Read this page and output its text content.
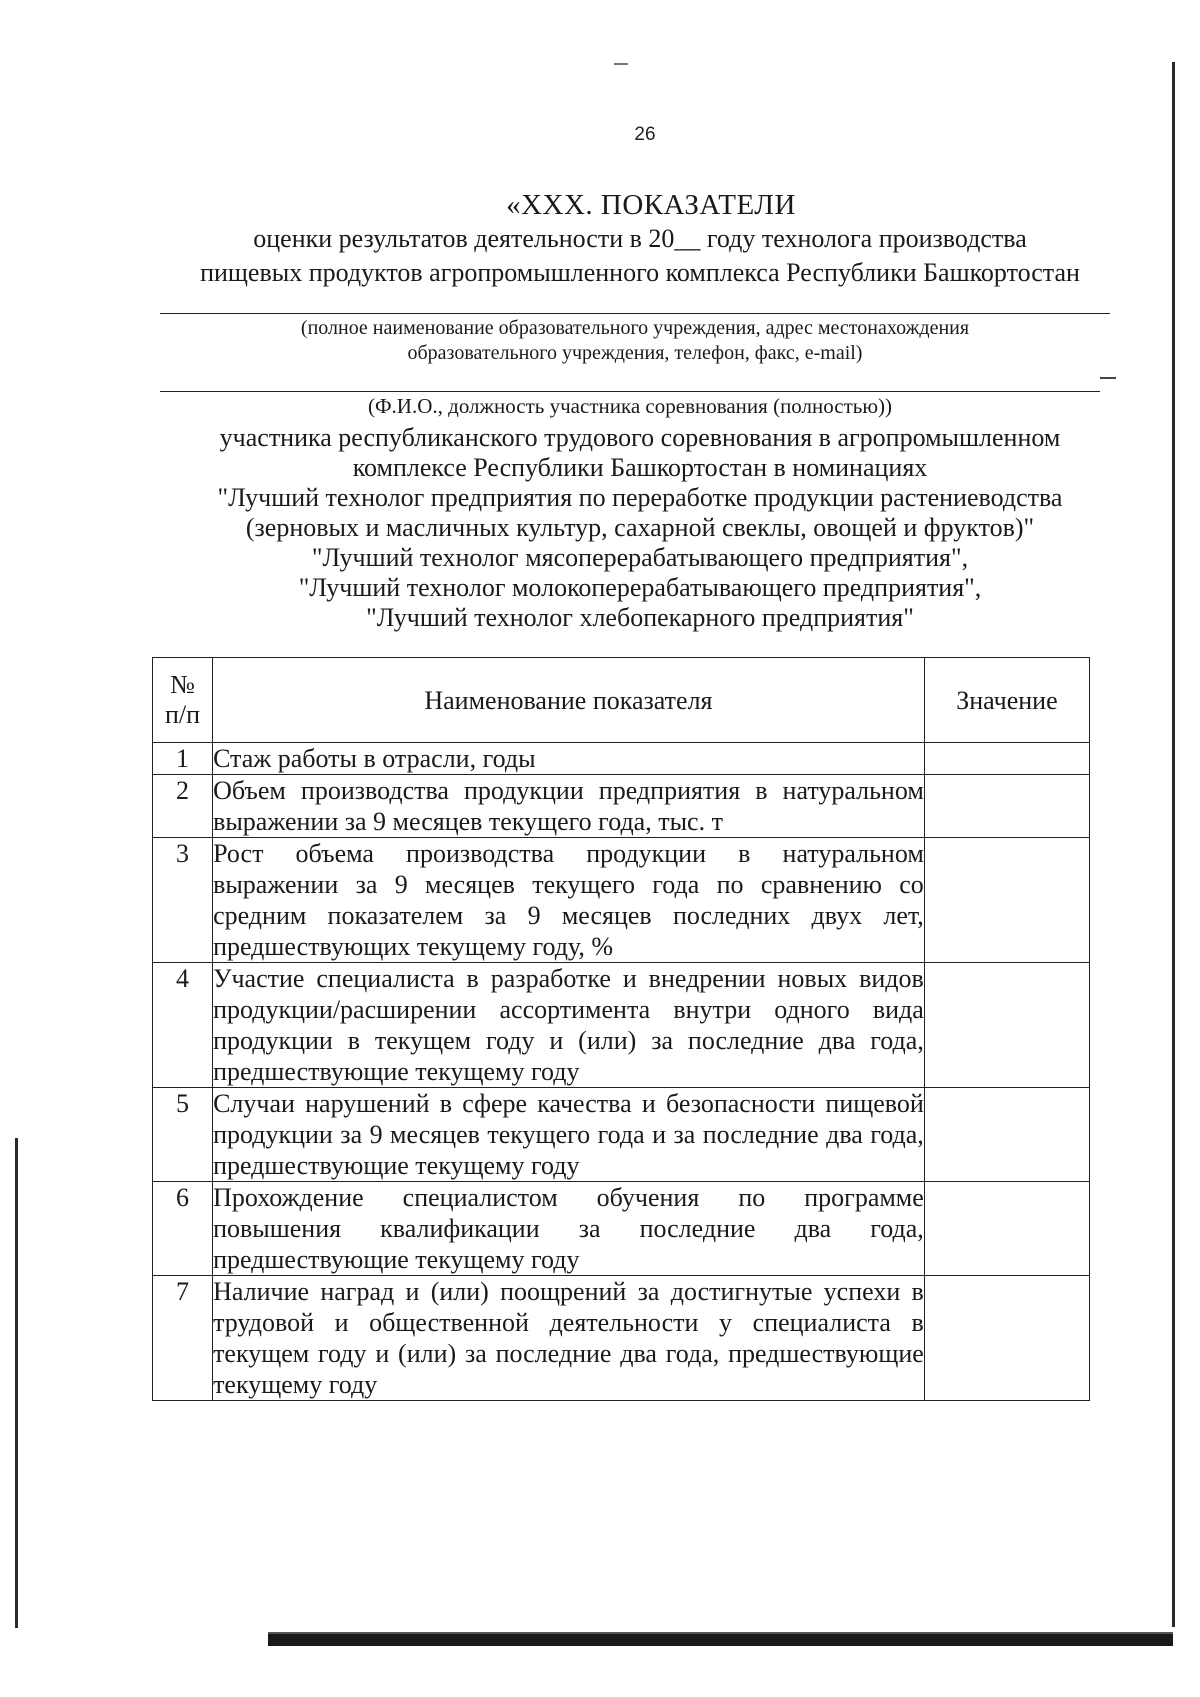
26
«XXX. ПОКАЗАТЕЛИ
оценки результатов деятельности в 20__ году технолога производства
пищевых продуктов агропромышленного комплекса Республики Башкортостан
(полное наименование образовательного учреждения, адрес местонахождения
образовательного учреждения, телефон, факс, e-mail)
(Ф.И.О., должность участника соревнования (полностью))
участника республиканского трудового соревнования в агропромышленном
комплексе Республики Башкортостан в номинациях
"Лучший технолог предприятия по переработке продукции растениеводства
(зерновых и масличных культур, сахарной свеклы, овощей и фруктов)"
"Лучший технолог мясоперерабатывающего предприятия",
"Лучший технолог молокоперерабатывающего предприятия",
"Лучший технолог хлебопекарного предприятия"
№
п/п	Наименование показателя	Значение
1	Стаж работы в отрасли, годы	
2	Объем производства продукции предприятия в натуральном выражении за 9 месяцев текущего года, тыс. т	
3	Рост объема производства продукции в натуральном выражении за 9 месяцев текущего года по сравнению со средним показателем за 9 месяцев последних двух лет, предшествующих текущему году, %	
4	Участие специалиста в разработке и внедрении новых видов продукции/расширении ассортимента внутри одного вида продукции в текущем году и (или) за последние два года, предшествующие текущему году	
5	Случаи нарушений в сфере качества и безопасности пищевой продукции за 9 месяцев текущего года и за последние два года, предшествующие текущему году	
6	Прохождение специалистом обучения по программе повышения квалификации за последние два года, предшествующие текущему году	
7	Наличие наград и (или) поощрений за достигнутые успехи в трудовой и общественной деятельности у специалиста в текущем году и (или) за последние два года, предшествующие текущему году	
